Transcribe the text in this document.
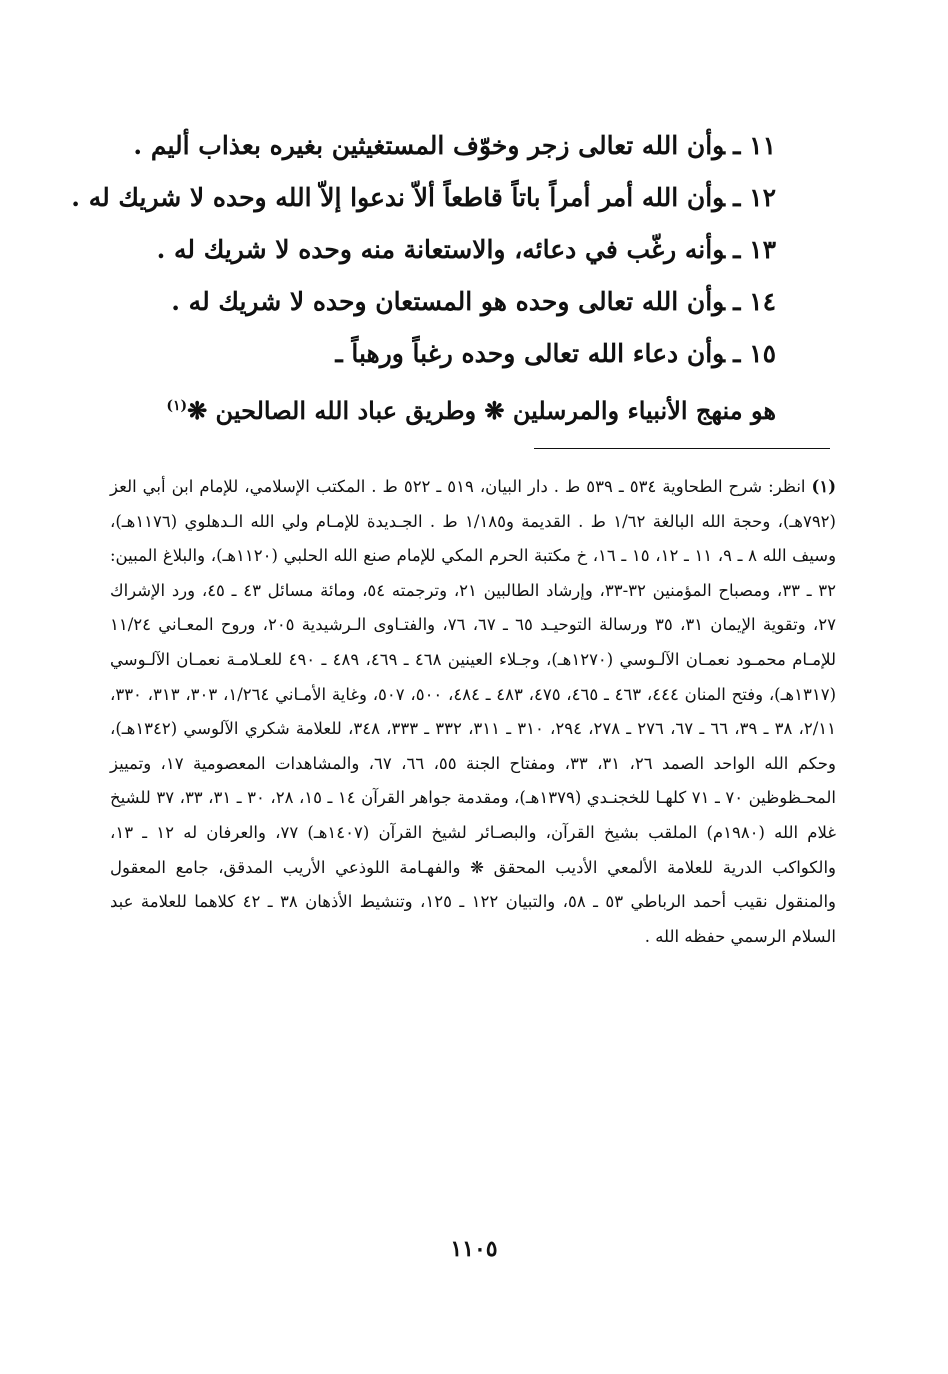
١١ ـوأن الله تعالى زجر وخوّف المستغيثين بغيره بعذاب أليم .
١٢ ـوأن الله أمر أمراً باتاً قاطعاً ألاّ ندعوا إلاّ الله وحده لا شريك له .
١٣ ـوأنه رغّب في دعائه، والاستعانة منه وحده لا شريك له .
١٤ ـوأن الله تعالى وحده هو المستعان وحده لا شريك له .
١٥ ـوأن دعاء الله تعالى وحده رغباً ورهباً ـ
هو منهج الأنبياء والمرسلين ❋ وطريق عباد الله الصالحين ❋$^{(١)}$
(١) انظر: شرح الطحاوية ٥٣٤ ـ ٥٣٩ ط . دار البيان، ٥١٩ ـ ٥٢٢ ط . المكتب الإسلامي، للإمام ابن أبي العز (٧٩٢هـ)، وحجة الله البالغة ١/٦٢ ط . القديمة و١/١٨٥ ط . الجـديدة للإمـام ولي الله الـدهلوي (١١٧٦هـ)، وسيف الله ٨ ـ ٩، ١١ ـ ١٢، ١٥ ـ ١٦، خ مكتبة الحرم المكي للإمام صنع الله الحلبي (١١٢٠هـ)، والبلاغ المبين: ٣٢ ـ ٣٣، ومصباح المؤمنين ٣٢-٣٣، وإرشاد الطالبين ٢١، وترجمته ٥٤، ومائة مسائل ٤٣ ـ ٤٥، ورد الإشراك ٢٧، وتقوية الإيمان ٣١، ٣٥ ورسالة التوحيـد ٦٥ ـ ٦٧، ٧٦، والفتـاوى الـرشيدية ٢٠٥، وروح المعـاني ١١/٢٤ للإمـام محمـود نعمـان الآلـوسي (١٢٧٠هـ)، وجـلاء العينين ٤٦٨ ـ ٤٦٩، ٤٨٩ ـ ٤٩٠ للعـلامـة نعمـان الآلـوسي (١٣١٧هـ)، وفتح المنان ٤٤٤، ٤٦٣ ـ ٤٦٥، ٤٧٥، ٤٨٣ ـ ٤٨٤، ٥٠٠، ٥٠٧، وغاية الأمـاني ١/٢٦٤، ٣٠٣، ٣١٣، ٣٣٠، ٢/١١، ٣٨ ـ ٣٩، ٦٦ ـ ٦٧، ٢٧٦ ـ ٢٧٨، ٢٩٤، ٣١٠ ـ ٣١١، ٣٣٢ ـ ٣٣٣، ٣٤٨، للعلامة شكري الآلوسي (١٣٤٢هـ)، وحكم الله الواحد الصمد ٢٦، ٣١، ٣٣، ومفتاح الجنة ٥٥، ٦٦، ٦٧، والمشاهدات المعصومية ١٧، وتمييز المحـظوظين ٧٠ ـ ٧١ كلهـا للخجنـدي (١٣٧٩هـ)، ومقدمة جواهر القرآن ١٤ ـ ١٥، ٢٨، ٣٠ ـ ٣١، ٣٣، ٣٧ للشيخ غلام الله (١٩٨٠م) الملقب بشيخ القرآن، والبصـائر لشيخ القرآن (١٤٠٧هـ) ٧٧، والعرفان له ١٢ ـ ١٣، والكواكب الدرية للعلامة الألمعي الأديب المحقق ❋ والفهـامة اللوذعي الأريب المدقق، جامع المعقول والمنقول نقيب أحمد الرباطي ٥٣ ـ ٥٨، والتبيان ١٢٢ ـ ١٢٥، وتنشيط الأذهان ٣٨ ـ ٤٢ كلاهما للعلامة عبد السلام الرسمي حفظه الله .
١١٠٥
